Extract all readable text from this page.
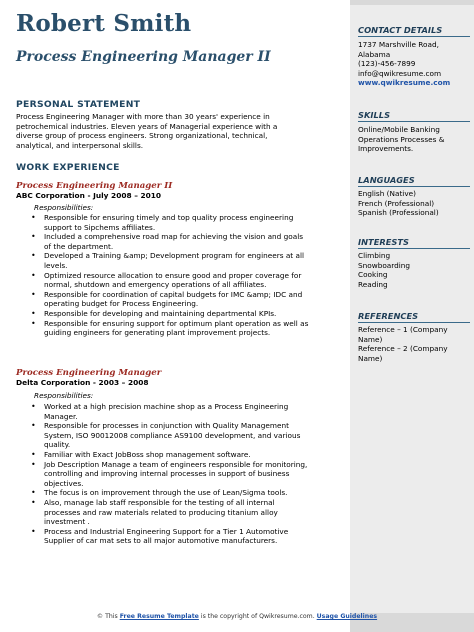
Robert Smith
Process Engineering Manager II
PERSONAL STATEMENT
Process Engineering Manager with more than 30 years' experience in
petrochemical industries. Eleven years of Managerial experience with a
diverse group of process engineers. Strong organizational, technical,
analytical, and interpersonal skills.
WORK EXPERIENCE
Process Engineering Manager II
ABC Corporation - July 2008 – 2010
Responsibilities:
• Responsible for ensuring timely and top quality process engineering
support to Sipchems affiliates.
• Included a comprehensive road map for achieving the vision and goals
of the department.
• Developed a Training &amp; Development program for engineers at all
levels.
• Optimized resource allocation to ensure good and proper coverage for
normal, shutdown and emergency operations of all affiliates.
• Responsible for coordination of capital budgets for IMC &amp; IDC and
operating budget for Process Engineering.
• Responsible for developing and maintaining departmental KPIs.
• Responsible for ensuring support for optimum plant operation as well as
guiding engineers for generating plant improvement projects.
Process Engineering Manager
Delta Corporation - 2003 – 2008
Responsibilities:
• Worked at a high precision machine shop as a Process Engineering
Manager.
• Responsible for processes in conjunction with Quality Management
System, ISO 90012008 compliance AS9100 development, and various
quality.
• Familiar with Exact JobBoss shop management software.
• Job Description Manage a team of engineers responsible for monitoring,
controlling and improving internal processes in support of business
objectives.
• The focus is on improvement through the use of Lean/Sigma tools.
• Also, manage lab staff responsible for the testing of all internal
processes and raw materials related to producing titanium alloy
investment .
• Process and Industrial Engineering Support for a Tier 1 Automotive
Supplier of car mat sets to all major automotive manufacturers.
CONTACT DETAILS
1737 Marshville Road,
Alabama
(123)-456-7899
info@qwikresume.com
www.qwikresume.com
SKILLS
Online/Mobile Banking
Operations Processes &
Improvements.
LANGUAGES
English (Native)
French (Professional)
Spanish (Professional)
INTERESTS
Climbing
Snowboarding
Cooking
Reading
REFERENCES
Reference – 1 (Company
Name)
Reference – 2 (Company
Name)
© This Free Resume Template is the copyright of Qwikresume.com. Usage Guidelines
